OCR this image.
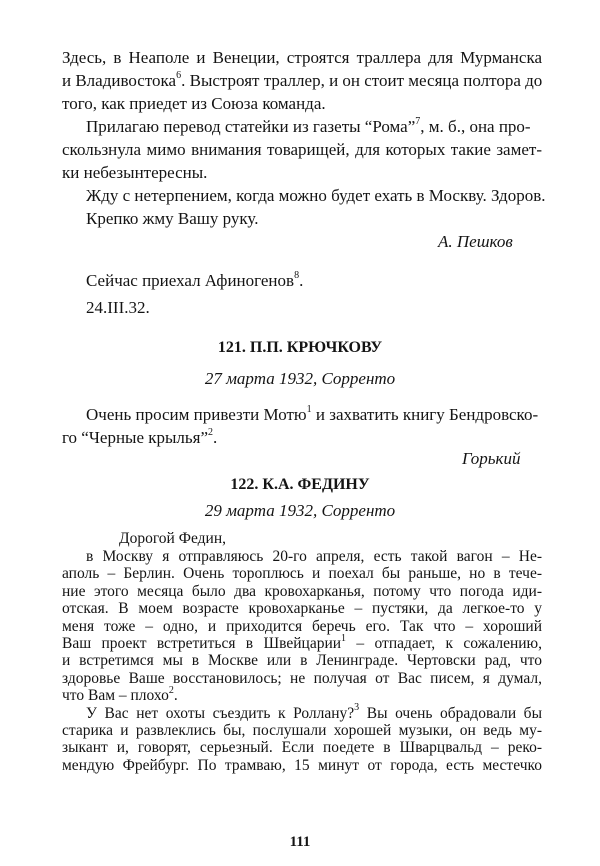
Здесь, в Неаполе и Венеции, строятся траллера для Мурманска
и Владивостока$^6$. Выстроят траллер, и он стоит месяца полтора до
того, как приедет из Союза команда.
Прилагаю перевод статейки из газеты “Рома”$^7$, м. б., она про-
скользнула мимо внимания товарищей, для которых такие замет-
ки небезынтересны.
Жду с нетерпением, когда можно будет ехать в Москву. Здоров.
Крепко жму Вашу руку.
А. Пешков
Сейчас приехал Афиногенов$^8$.
24.III.32.
121. П.П. КРЮЧКОВУ
27 марта 1932, Сорренто
Очень просим привезти Мотю$^1$ и захватить книгу Бендровско-
го “Черные крылья”$^2$.
Горький
122. К.А. ФЕДИНУ
29 марта 1932, Сорренто
Дорогой Федин,
в Москву я отправляюсь 20-го апреля, есть такой вагон – Не-
аполь – Берлин. Очень тороплюсь и поехал бы раньше, но в тече-
ние этого месяца было два кровохарканья, потому что погода иди-
отская. В моем возрасте кровохарканье – пустяки, да легкое-то у
меня тоже – одно, и приходится беречь его. Так что – хороший
Ваш проект встретиться в Швейцарии$^1$ – отпадает, к сожалению,
и встретимся мы в Москве или в Ленинграде. Чертовски рад, что
здоровье Ваше восстановилось; не получая от Вас писем, я думал,
что Вам – плохо$^2$.
У Вас нет охоты съездить к Роллану?$^3$ Вы очень обрадовали бы
старика и развлеклись бы, послушали хорошей музыки, он ведь му-
зыкант и, говорят, серьезный. Если поедете в Шварцвальд – реко-
мендую Фрейбург. По трамваю, 15 минут от города, есть местечко
111
